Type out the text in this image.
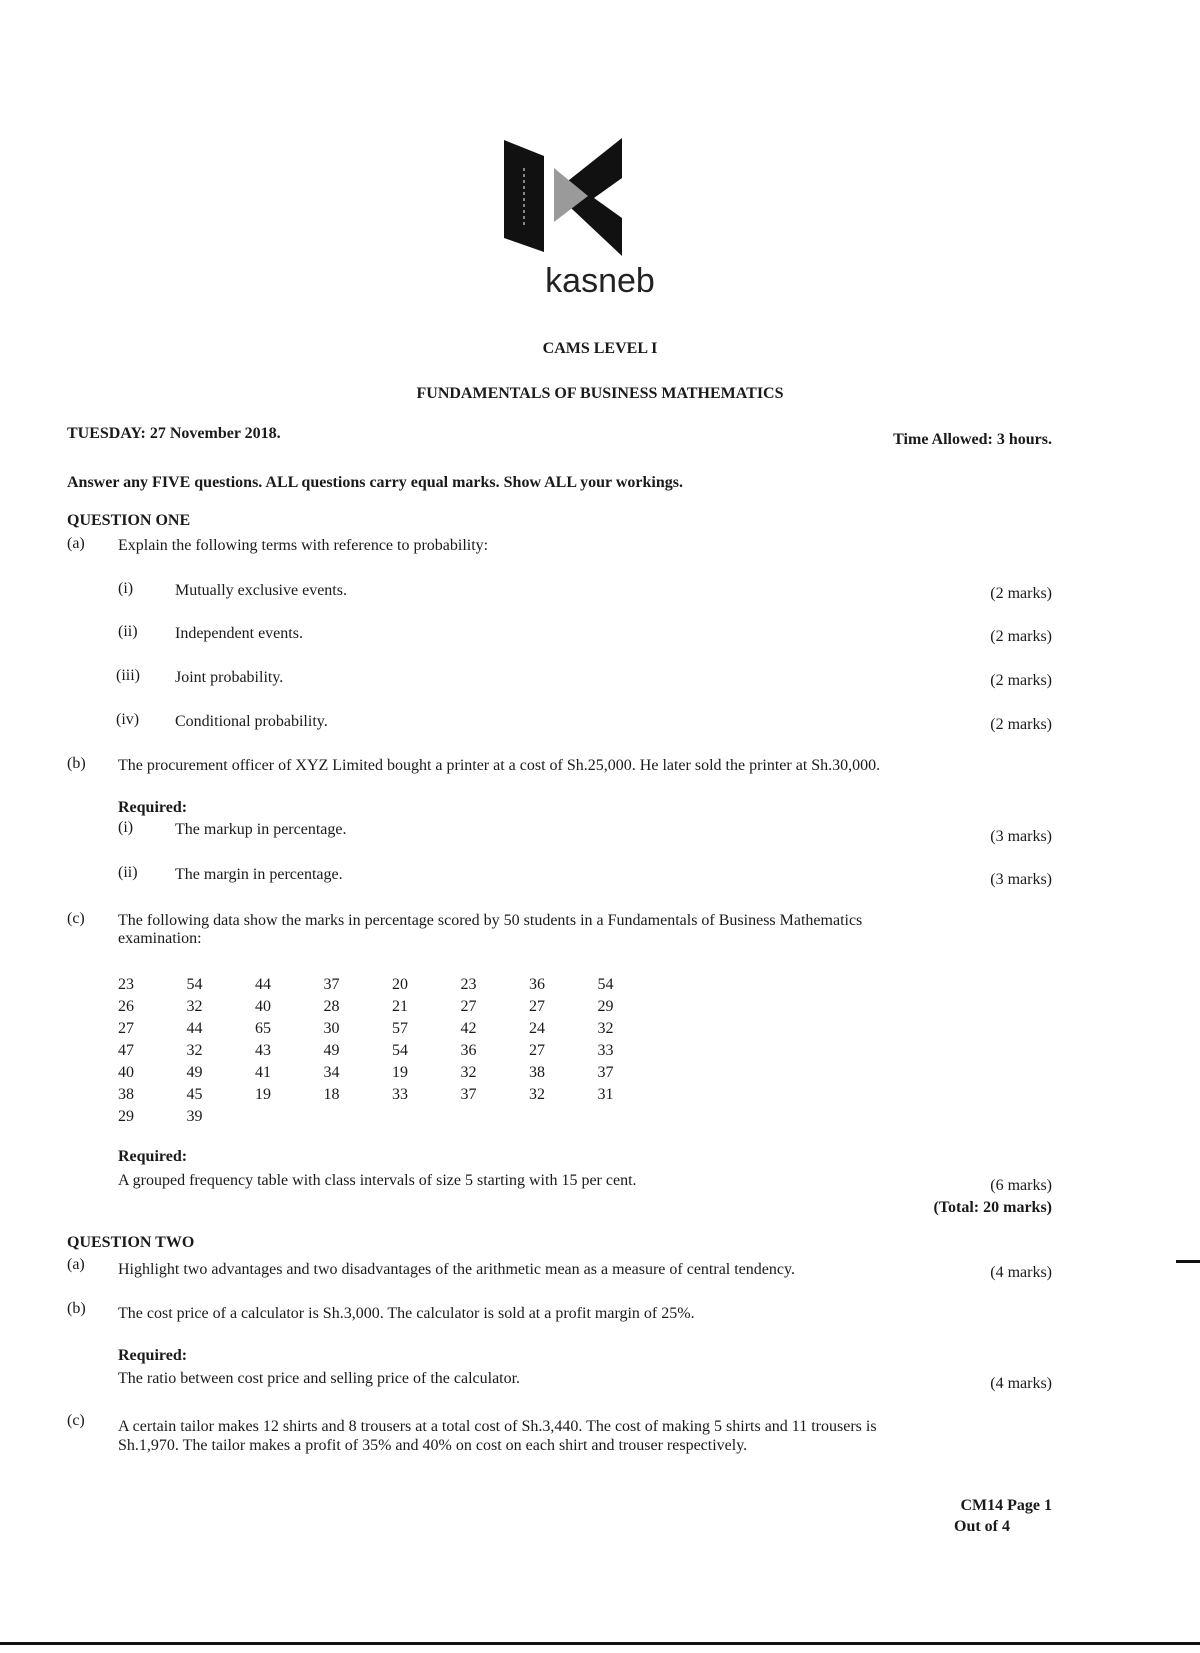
kasneb
CAMS LEVEL I
FUNDAMENTALS OF BUSINESS MATHEMATICS
TUESDAY: 27 November 2018.	Time Allowed: 3 hours.
Answer any FIVE questions. ALL questions carry equal marks. Show ALL your workings.
QUESTION ONE
(a) Explain the following terms with reference to probability:
(i)	Mutually exclusive events.	(2 marks)
(ii) Independent events.	(2 marks)
(iii) Joint probability.	(2 marks)
(iv) Conditional probability.	(2 marks)
(b) The procurement officer of XYZ Limited bought a printer at a cost of Sh.25,000. He later sold the printer at Sh.30,000.
Required:
(i)	The markup in percentage.	(3 marks)
(ii) The margin in percentage.	(3 marks)
(c) The following data show the marks in percentage scored by 50 students in a Fundamentals of Business Mathematics
examination:
23	54	44	37	20	23	36	54
26	32	40	28	21	27	27	29
27	44	65	30	57	42	24	32
47	32	43	49	54	36	27	33
40	49	41	34	19	32	38	37
38	45	19	18	33	37	32	31
29	39
Required:
A grouped frequency table with class intervals of size 5 starting with 15 per cent.	(6 marks)
(Total: 20 marks)
QUESTION TWO
(a) Highlight two advantages and two disadvantages of the arithmetic mean as a measure of central tendency.	(4 marks)
(b) The cost price of a calculator is Sh.3,000. The calculator is sold at a profit margin of 25%.
Required:
The ratio between cost price and selling price of the calculator.	(4 marks)
(c) A certain tailor makes 12 shirts and 8 trousers at a total cost of Sh.3,440. The cost of making 5 shirts and 11 trousers is
Sh.1,970. The tailor makes a profit of 35% and 40% on cost on each shirt and trouser respectively.
CM14 Page 1
Out of 4
